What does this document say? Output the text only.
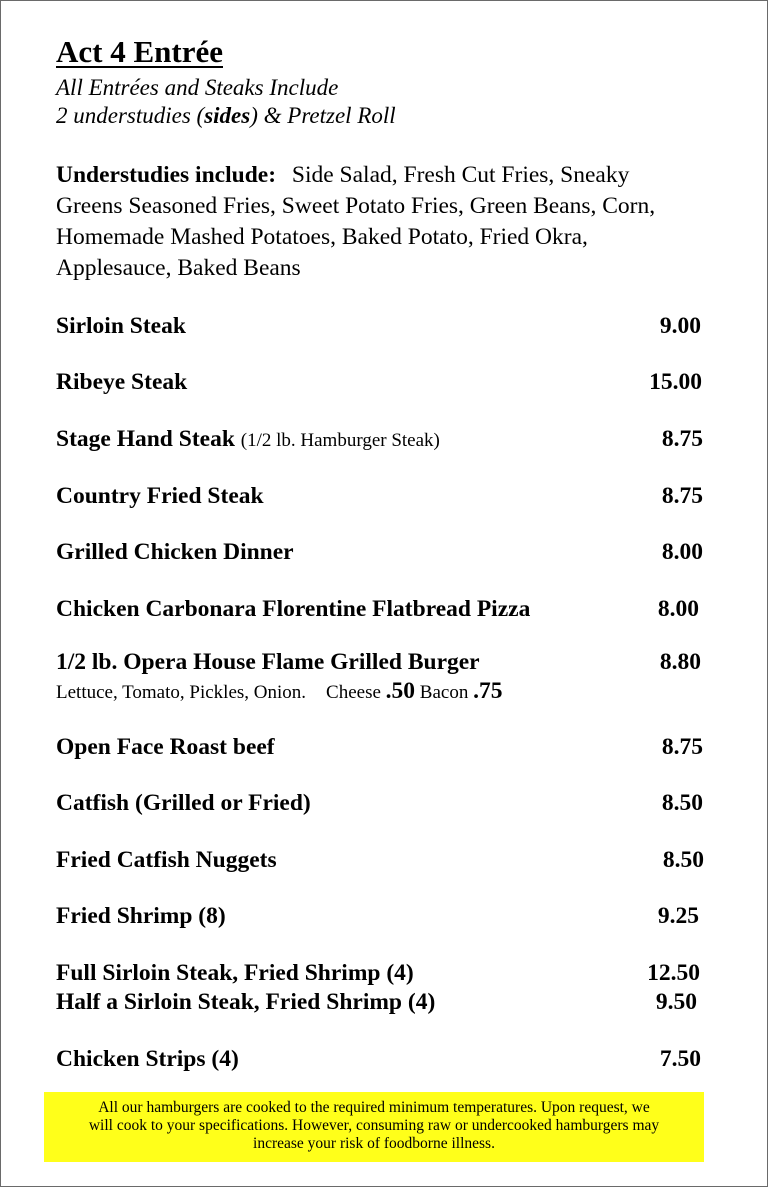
Act 4 Entrée
All Entrées and Steaks Include
2 understudies (sides) & Pretzel Roll
Understudies include: Side Salad, Fresh Cut Fries, Sneaky
Greens Seasoned Fries, Sweet Potato Fries, Green Beans, Corn,
Homemade Mashed Potatoes, Baked Potato, Fried Okra,
Applesauce, Baked Beans
Sirloin Steak	9.00
Ribeye Steak	15.00
Stage Hand Steak (1/2 lb. Hamburger Steak)	8.75
Country Fried Steak	8.75
Grilled Chicken Dinner	8.00
Chicken Carbonara Florentine Flatbread Pizza	8.00
1/2 lb. Opera House Flame Grilled Burger	8.80
Lettuce, Tomato, Pickles, Onion. Cheese .50 Bacon .75
Open Face Roast beef	8.75
Catfish (Grilled or Fried)	8.50
Fried Catfish Nuggets	8.50
Fried Shrimp (8)	9.25
Full Sirloin Steak, Fried Shrimp (4)	12.50
Half a Sirloin Steak, Fried Shrimp (4)	9.50
Chicken Strips (4)	7.50
All our hamburgers are cooked to the required minimum temperatures. Upon request, we
will cook to your specifications. However, consuming raw or undercooked hamburgers may
increase your risk of foodborne illness.
